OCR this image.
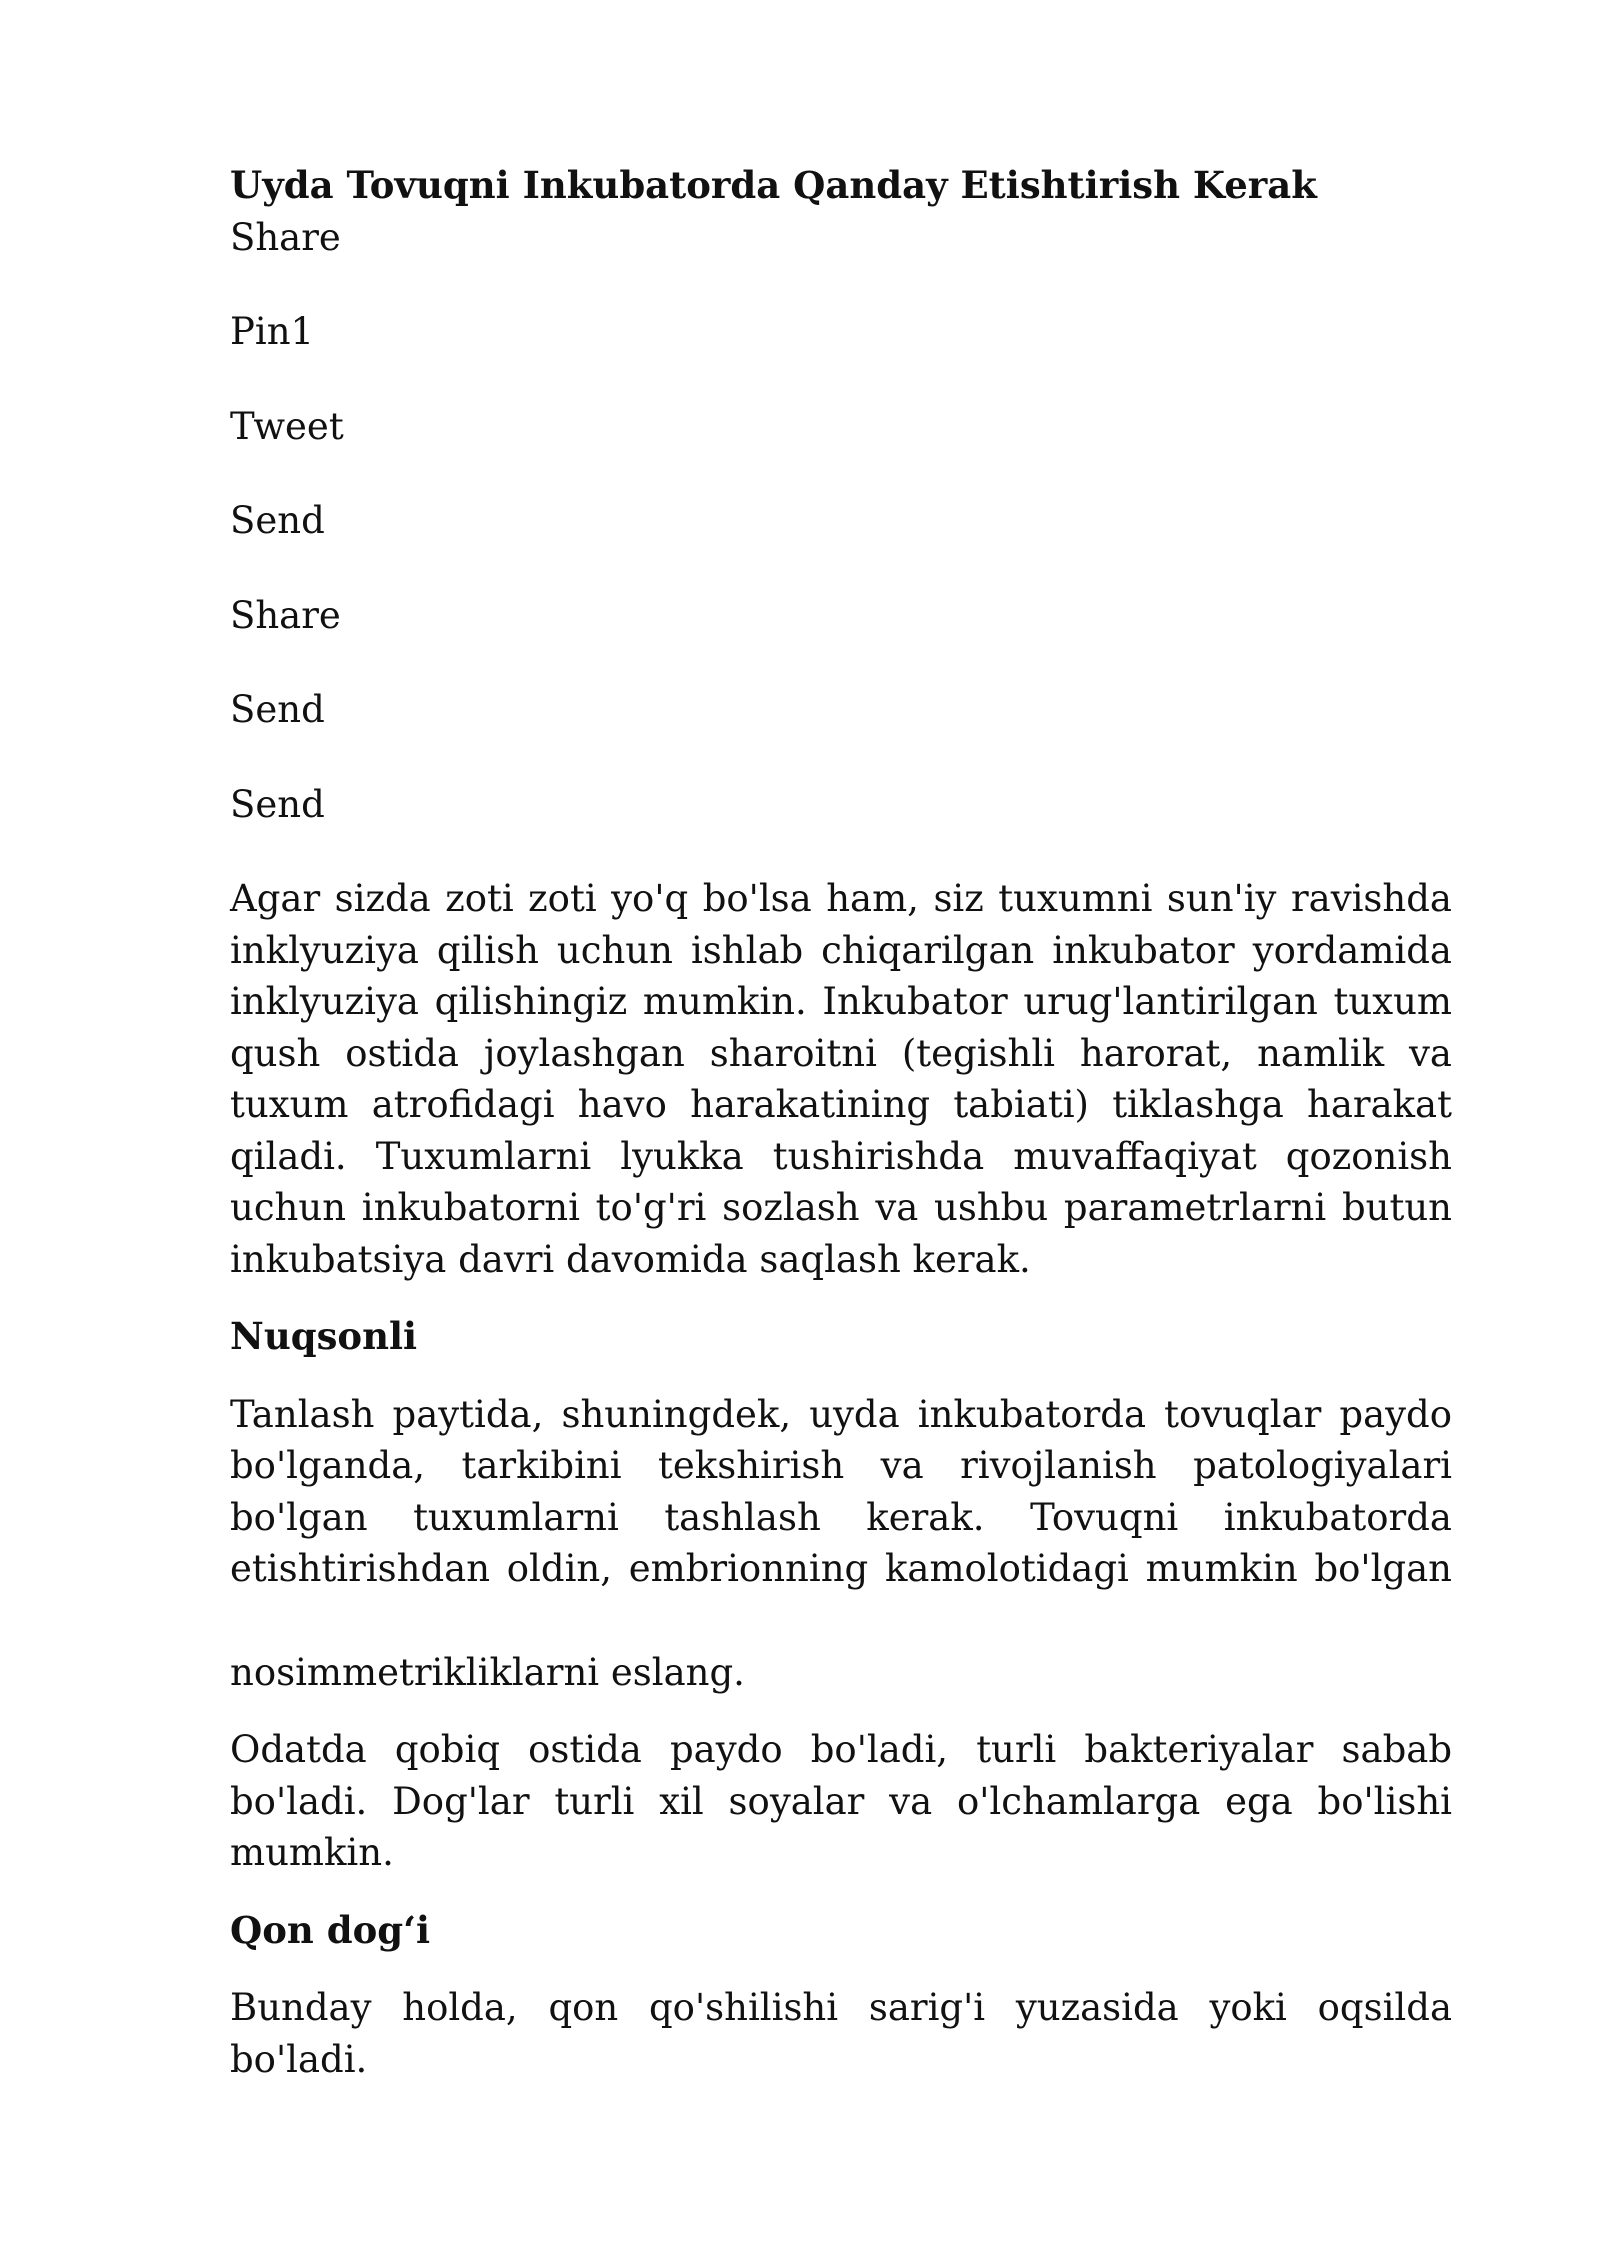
Uyda Tovuqni Inkubatorda Qanday Etishtirish Kerak
Share
Pin1
Tweet
Send
Share
Send
Send

Agar sizda zoti zoti yo'q bo'lsa ham, siz tuxumni sun'iy ravishda inklyuziya qilish uchun ishlab chiqarilgan inkubator yordamida inklyuziya qilishingiz mumkin. Inkubator urug'lantirilgan tuxum qush ostida joylashgan sharoitni (tegishli harorat, namlik va tuxum atrofidagi havo harakatining tabiati) tiklashga harakat qiladi. Tuxumlarni lyukka tushirishda muvaffaqiyat qozonish uchun inkubatorni to'g'ri sozlash va ushbu parametrlarni butun inkubatsiya davri davomida saqlash kerak.

Nuqsonli

Tanlash paytida, shuningdek, uyda inkubatorda tovuqlar paydo bo'lganda, tarkibini tekshirish va rivojlanish patologiyalari bo'lgan tuxumlarni tashlash kerak. Tovuqni inkubatorda etishtirishdan oldin, embrionning kamolotidagi mumkin bo'lgan

nosimmetrikliklarni eslang.

Odatda qobiq ostida paydo bo'ladi, turli bakteriyalar sabab bo'ladi. Dog'lar turli xil soyalar va o'lchamlarga ega bo'lishi mumkin.

Qon dog‘i

Bunday holda, qon qo'shilishi sarig'i yuzasida yoki oqsilda bo'ladi.
